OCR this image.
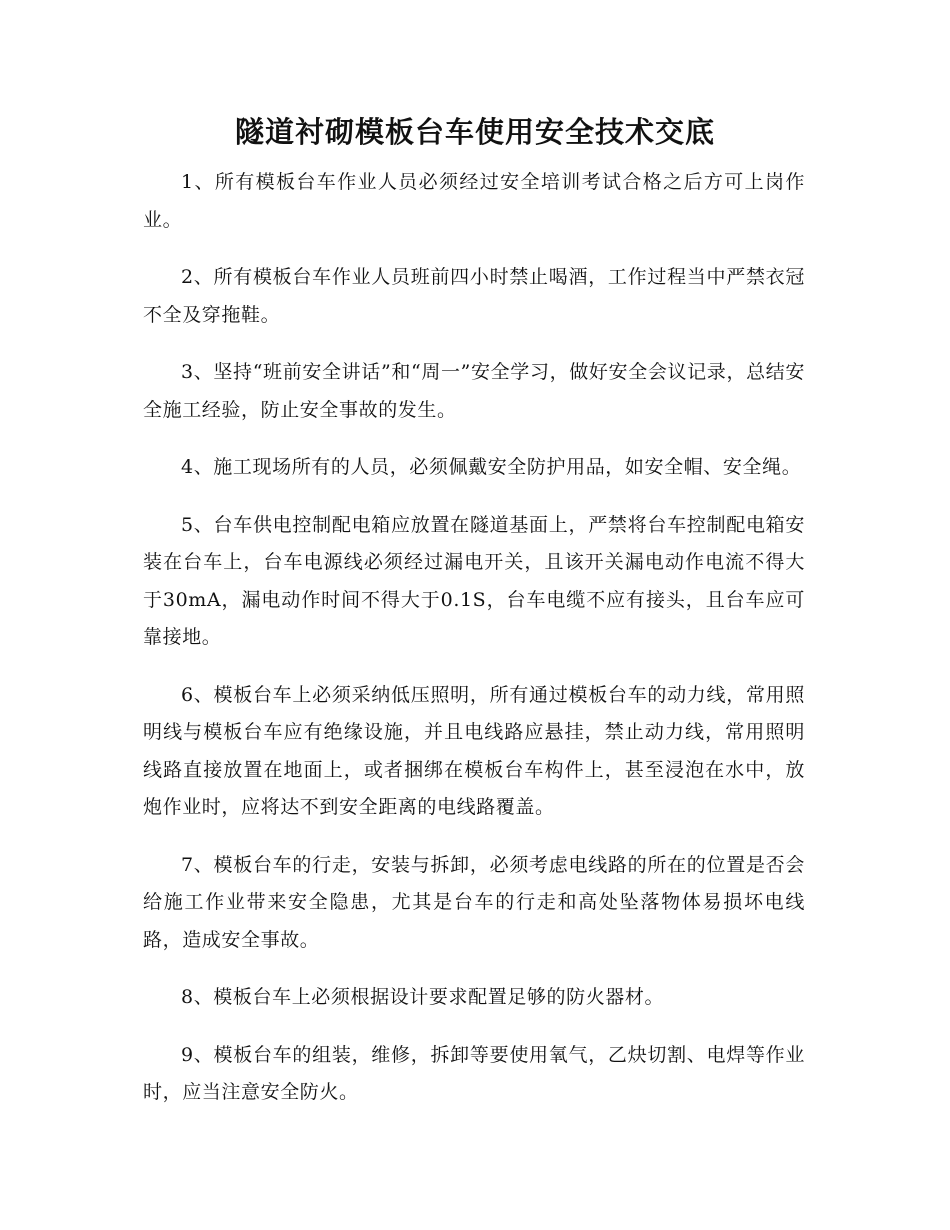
隧道衬砌模板台车使用安全技术交底

1、所有模板台车作业人员必须经过安全培训考试合格之后方可上岗作业。

2、所有模板台车作业人员班前四小时禁止喝酒，工作过程当中严禁衣冠不全及穿拖鞋。

3、坚持“班前安全讲话”和“周一”安全学习，做好安全会议记录，总结安全施工经验，防止安全事故的发生。

4、施工现场所有的人员，必须佩戴安全防护用品，如安全帽、安全绳。

5、台车供电控制配电箱应放置在隧道基面上，严禁将台车控制配电箱安装在台车上，台车电源线必须经过漏电开关，且该开关漏电动作电流不得大于30mA，漏电动作时间不得大于0.1S，台车电缆不应有接头，且台车应可靠接地。

6、模板台车上必须采纳低压照明，所有通过模板台车的动力线，常用照明线与模板台车应有绝缘设施，并且电线路应悬挂，禁止动力线，常用照明线路直接放置在地面上，或者捆绑在模板台车构件上，甚至浸泡在水中，放炮作业时，应将达不到安全距离的电线路覆盖。

7、模板台车的行走，安装与拆卸，必须考虑电线路的所在的位置是否会给施工作业带来安全隐患，尤其是台车的行走和高处坠落物体易损坏电线路，造成安全事故。

8、模板台车上必须根据设计要求配置足够的防火器材。

9、模板台车的组装，维修，拆卸等要使用氧气，乙炔切割、电焊等作业时，应当注意安全防火。
